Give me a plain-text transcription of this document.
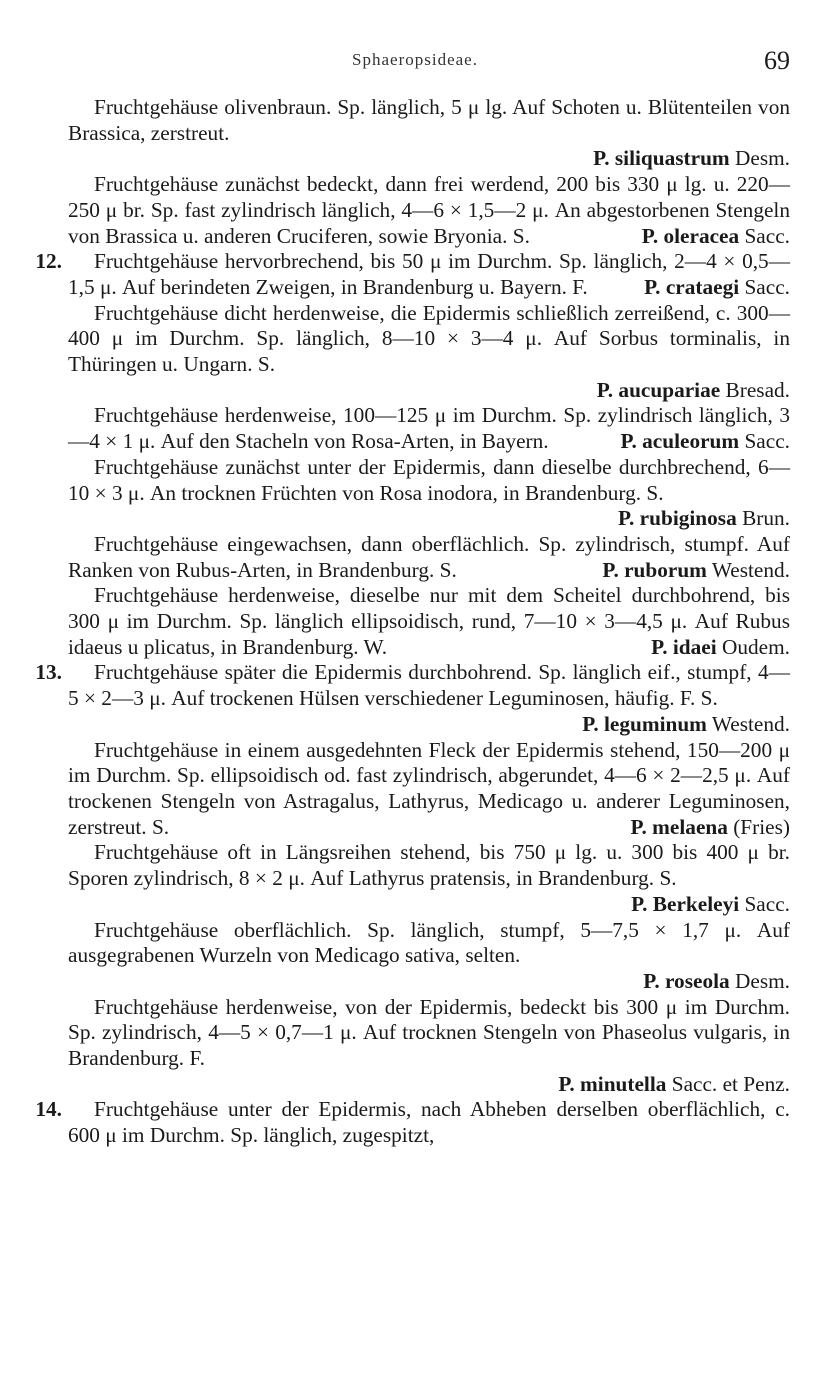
Sphaeropsideae.	69

Fruchtgehäuse olivenbraun. Sp. länglich, 5 μ lg. Auf Schoten u. Blütenteilen von Brassica, zerstreut.

P. siliquastrum Desm.

Fruchtgehäuse zunächst bedeckt, dann frei werdend, 200 bis 330 μ lg. u. 220—250 μ br. Sp. fast zylindrisch länglich, 4—6 × 1,5—2 μ. An abgestorbenen Stengeln von Brassica u. anderen Cruciferen, sowie Bryonia. S.	P. oleracea Sacc.

12.	Fruchtgehäuse hervorbrechend, bis 50 μ im Durchm. Sp. länglich, 2—4 × 0,5—1,5 μ. Auf berindeten Zweigen, in Brandenburg u. Bayern. F.	P. crataegi Sacc.

Fruchtgehäuse dicht herdenweise, die Epidermis schließlich zerreißend, c. 300—400 μ im Durchm. Sp. länglich, 8—10 × 3—4 μ. Auf Sorbus torminalis, in Thüringen u. Ungarn. S.

P. aucupariae Bresad.

Fruchtgehäuse herdenweise, 100—125 μ im Durchm. Sp. zylindrisch länglich, 3—4 × 1 μ. Auf den Stacheln von Rosa-Arten, in Bayern.	P. aculeorum Sacc.

Fruchtgehäuse zunächst unter der Epidermis, dann dieselbe durchbrechend, 6—10 × 3 μ. An trocknen Früchten von Rosa inodora, in Brandenburg. S.
P. rubiginosa Brun.

Fruchtgehäuse eingewachsen, dann oberflächlich. Sp. zylindrisch, stumpf. Auf Ranken von Rubus-Arten, in Brandenburg. S.	P. ruborum Westend.

Fruchtgehäuse herdenweise, dieselbe nur mit dem Scheitel durchbohrend, bis 300 μ im Durchm. Sp. länglich ellipsoidisch, rund, 7—10 × 3—4,5 μ. Auf Rubus idaeus u plicatus, in Brandenburg. W.	P. idaei Oudem.

13.	Fruchtgehäuse später die Epidermis durchbohrend. Sp. länglich eif., stumpf, 4—5 × 2—3 μ. Auf trockenen Hülsen verschiedener Leguminosen, häufig. F. S.
P. leguminum Westend.

Fruchtgehäuse in einem ausgedehnten Fleck der Epidermis stehend, 150—200 μ im Durchm. Sp. ellipsoidisch od. fast zylindrisch, abgerundet, 4—6 × 2—2,5 μ. Auf trockenen Stengeln von Astragalus, Lathyrus, Medicago u. anderer Leguminosen, zerstreut. S.	P. melaena (Fries)

Fruchtgehäuse oft in Längsreihen stehend, bis 750 μ lg. u. 300 bis 400 μ br. Sporen zylindrisch, 8 × 2 μ. Auf Lathyrus pratensis, in Brandenburg. S.
P. Berkeleyi Sacc.

Fruchtgehäuse oberflächlich. Sp. länglich, stumpf, 5—7,5 × 1,7 μ. Auf ausgegrabenen Wurzeln von Medicago sativa, selten.

P. roseola Desm.

Fruchtgehäuse herdenweise, von der Epidermis, bedeckt bis 300 μ im Durchm. Sp. zylindrisch, 4—5 × 0,7—1 μ. Auf trocknen Stengeln von Phaseolus vulgaris, in Brandenburg. F.

P. minutella Sacc. et Penz.

14.	Fruchtgehäuse unter der Epidermis, nach Abheben derselben oberflächlich, c. 600 μ im Durchm. Sp. länglich, zugespitzt,
